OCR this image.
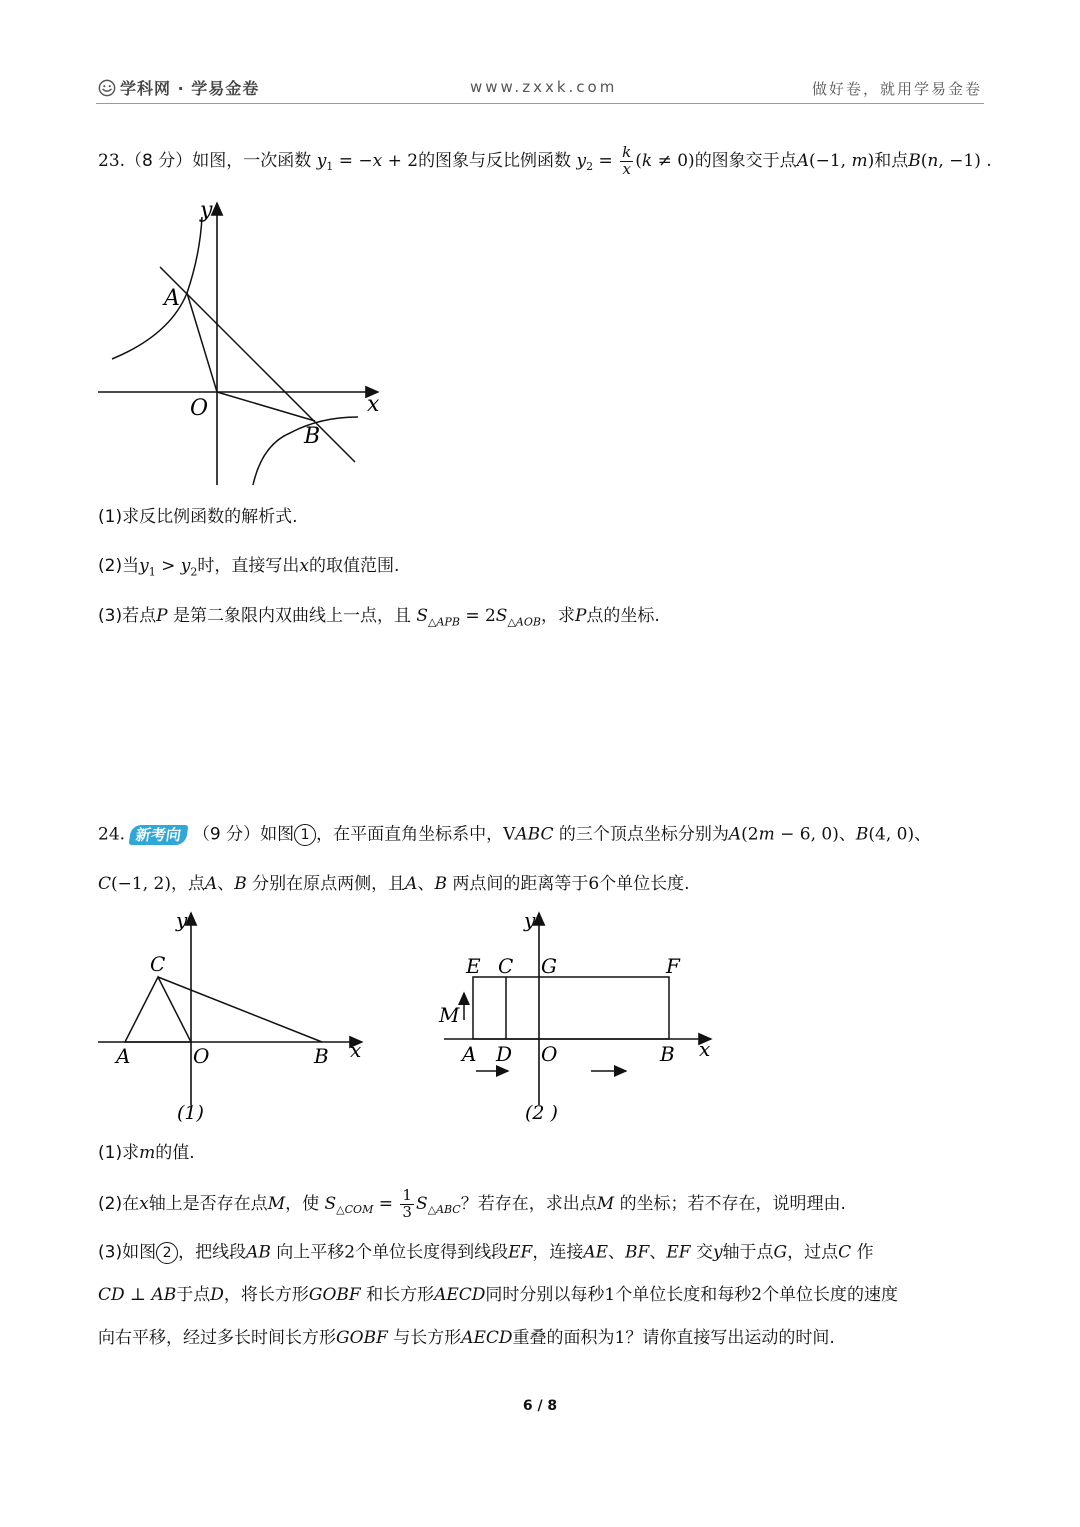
学科网 · 学易金卷	www.zxxk.com	做好卷，就用学易金卷
23.（8 分）如图，一次函数 $y_1 = -x + 2$的图象与反比例函数 $y_2 = \frac{k}{x} (k \ne 0)$的图象交于点A(−1, m)和点B(n, −1) .
y
x
O
A
B
(1)求反比例函数的解析式.
(2)当$y_1 > y_2$时，直接写出x的取值范围.
(3)若点P 是第二象限内双曲线上一点，且 $S_{\triangle APB} = 2S_{\triangle AOB}$，求P点的坐标.
24. 新考向 （9 分）如图 1 ，在平面直角坐标系中，VABC 的三个顶点坐标分别为A(2m − 6, 0)、B(4, 0)、
C(−1, 2)，点A、B 分别在原点两侧，且A、B 两点间的距离等于6个单位长度.
y
x
C
A	O	B
(1)
y
x
E C G	F
M
A D O	B
(2 )
(1)求m的值.
(2)在x轴上是否存在点M，使 $S_{\triangle COM} = \frac{1}{3} S_{\triangle ABC}$？若存在，求出点M 的坐标；若不存在，说明理由.
(3)如图 2 ，把线段AB 向上平移2个单位长度得到线段EF，连接AE、BF、EF 交y轴于点G，过点C 作
CD ⊥ AB于点D，将长方形GOBF 和长方形AECD同时分别以每秒1个单位长度和每秒2个单位长度的速度
向右平移，经过多长时间长方形GOBF 与长方形AECD重叠的面积为1？请你直接写出运动的时间.
6 / 8
